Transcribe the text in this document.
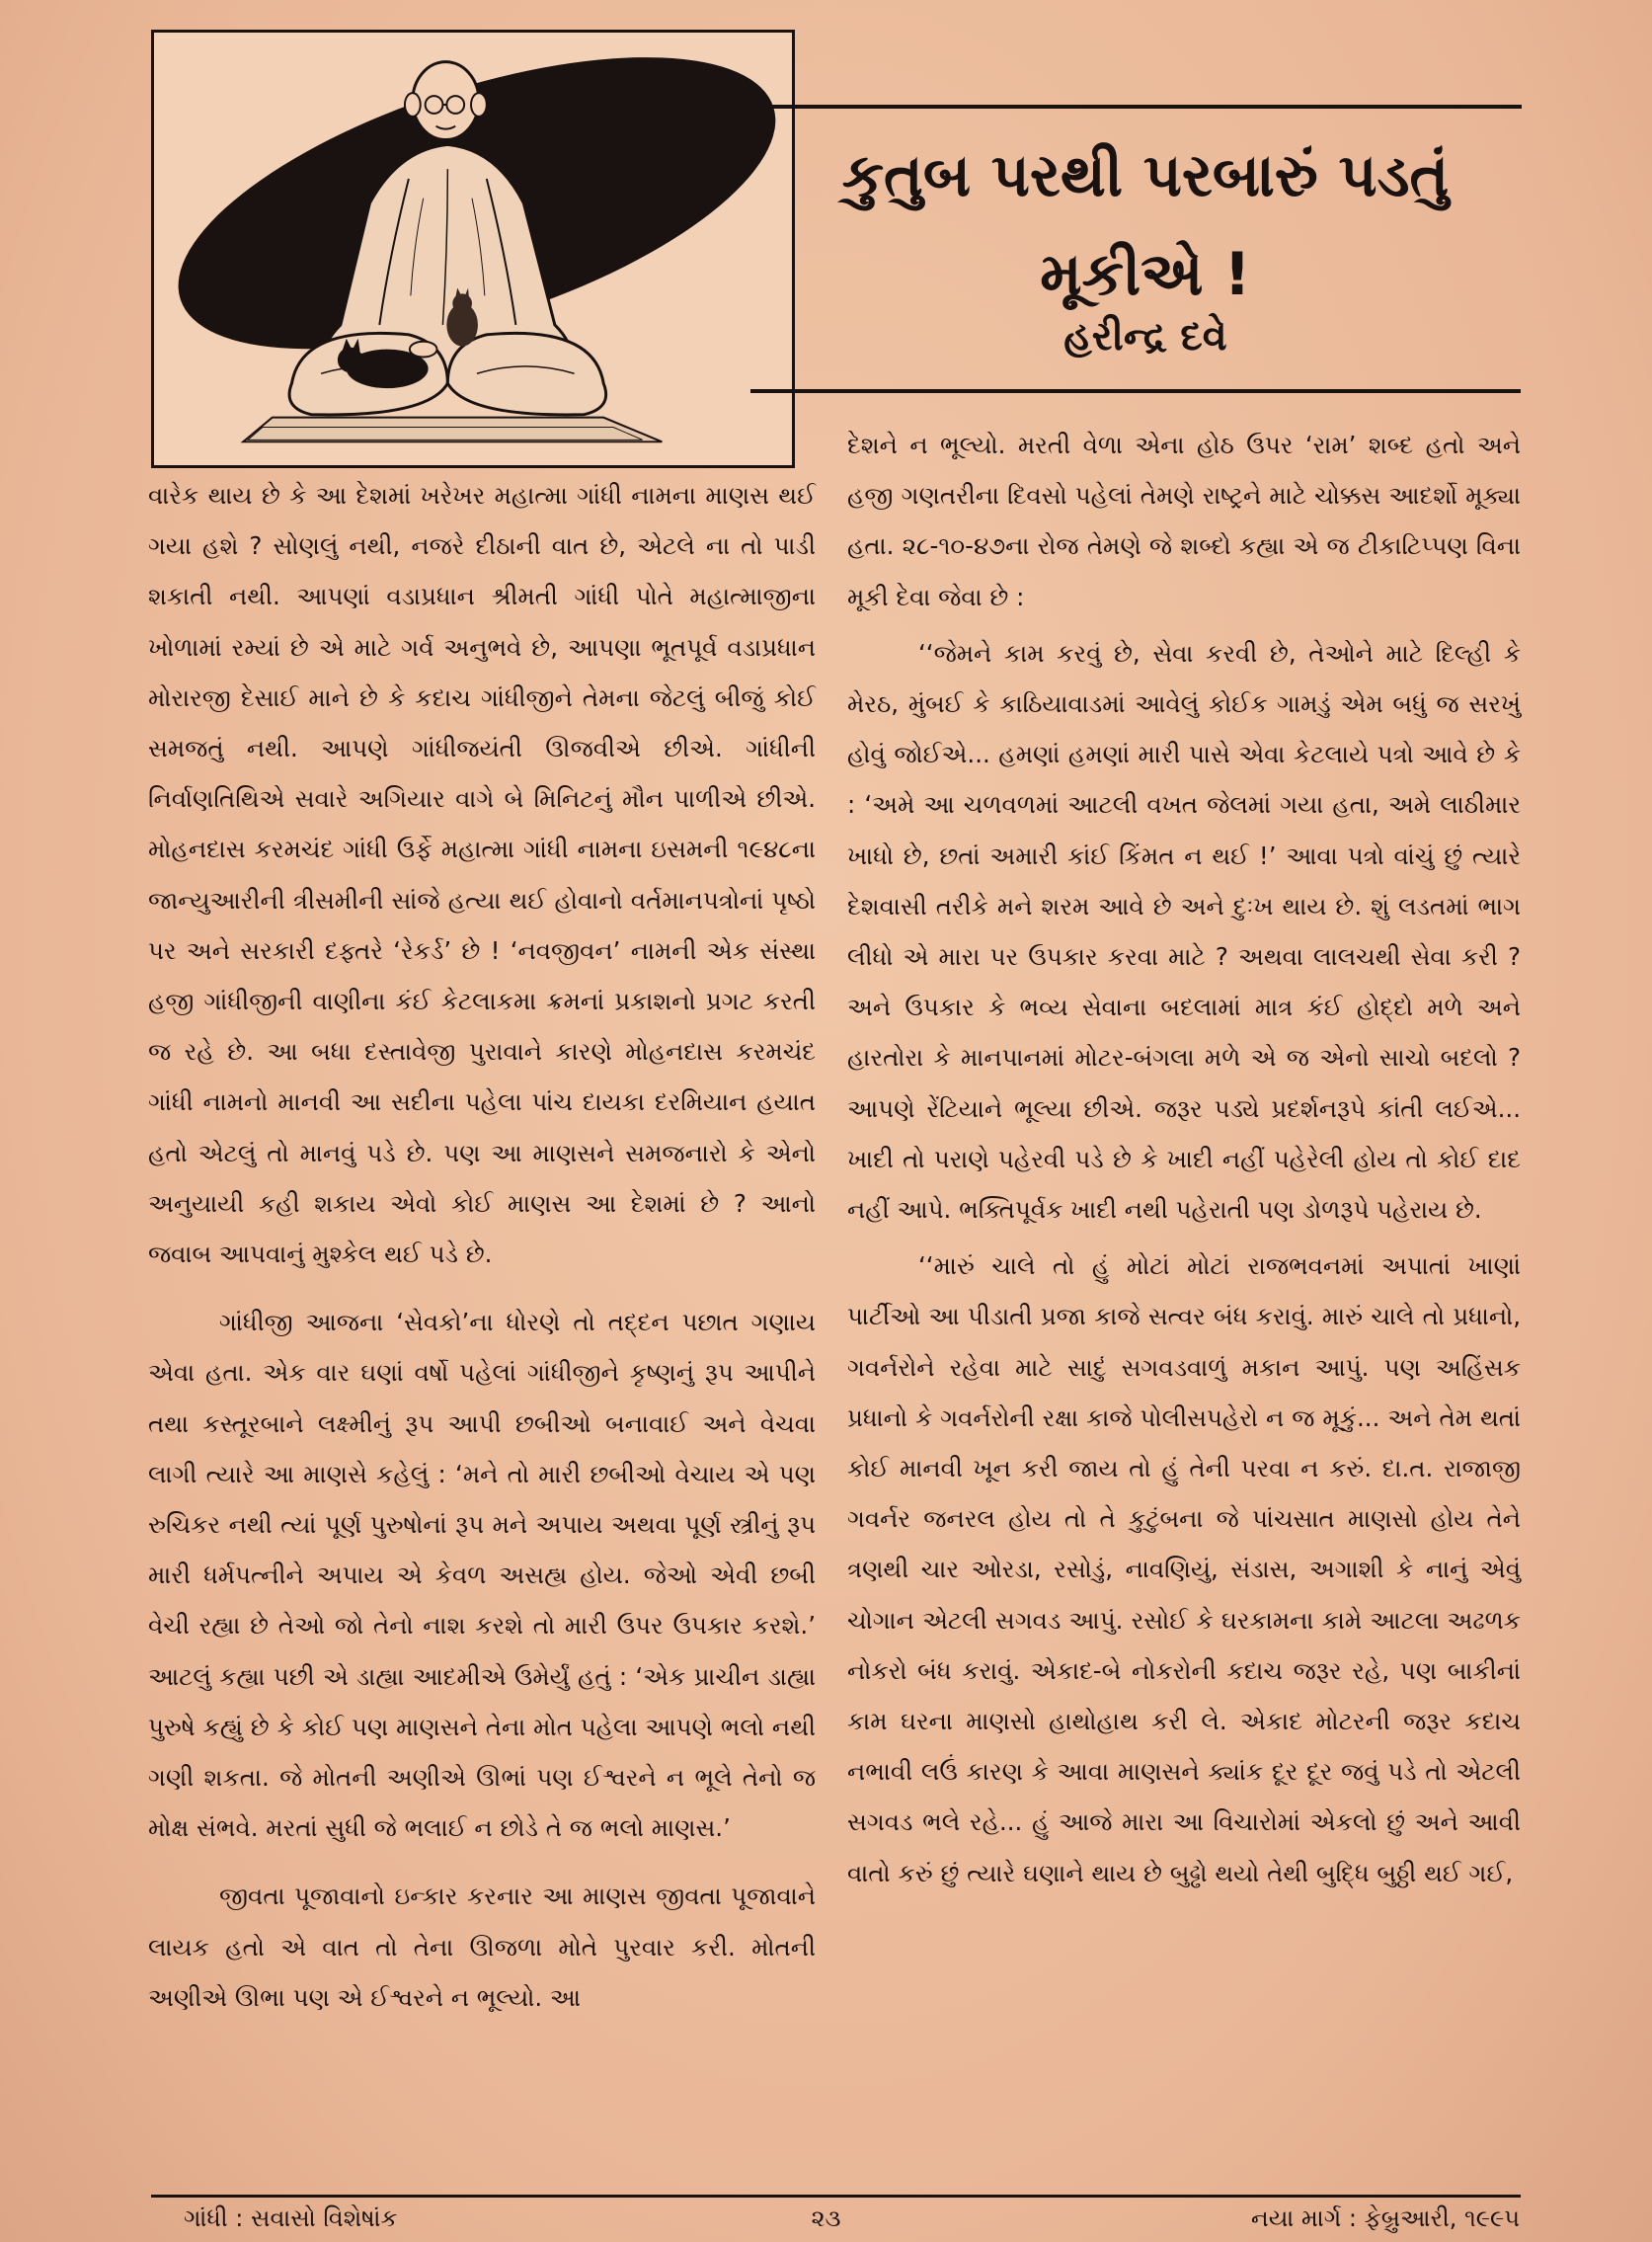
કુતુબ પરથી પરબારું પડતું મૂકીએ !
હરીન્દ્ર દવે

વારેક થાય છે કે આ દેશમાં ખરેખર મહાત્મા ગાંધી નામના માણસ થઈ ગયા હશે ? સોણલું નથી, નજરે દીઠાની વાત છે, એટલે ના તો પાડી શકાતી નથી. આપણાં વડાપ્રધાન શ્રીમતી ગાંધી પોતે મહાત્માજીના ખોળામાં રમ્યાં છે એ માટે ગર્વ અનુભવે છે, આપણા ભૂતપૂર્વ વડાપ્રધાન મોરારજી દેસાઈ માને છે કે કદાચ ગાંધીજીને તેમના જેટલું બીજું કોઈ સમજતું નથી. આપણે ગાંધીજયંતી ઊજવીએ છીએ. ગાંધીની નિર્વાણતિથિએ સવારે અગિયાર વાગે બે મિનિટનું મૌન પાળીએ છીએ. મોહનદાસ કરમચંદ ગાંધી ઉર્ફે મહાત્મા ગાંધી નામના ઇસમની ૧૯૪૮ના જાન્યુઆરીની ત્રીસમીની સાંજે હત્યા થઈ હોવાનો વર્તમાનપત્રોનાં પૃષ્ઠો પર અને સરકારી દફ્તરે ‘રેકર્ડ’ છે ! ‘નવજીવન’ નામની એક સંસ્થા હજી ગાંધીજીની વાણીના કંઈ કેટલાકમા ક્રમનાં પ્રકાશનો પ્રગટ કરતી જ રહે છે. આ બધા દસ્તાવેજી પુરાવાને કારણે મોહનદાસ કરમચંદ ગાંધી નામનો માનવી આ સદીના પહેલા પાંચ દાયકા દરમિયાન હયાત હતો એટલું તો માનવું પડે છે. પણ આ માણસને સમજનારો કે એનો અનુયાયી કહી શકાય એવો કોઈ માણસ આ દેશમાં છે ? આનો જવાબ આપવાનું મુશ્કેલ થઈ પડે છે.

ગાંધીજી આજના ‘સેવકો’ના ધોરણે તો તદ્દન પછાત ગણાય એવા હતા. એક વાર ઘણાં વર્ષો પહેલાં ગાંધીજીને કૃષ્ણનું રૂપ આપીને તથા કસ્તૂરબાને લક્ષ્મીનું રૂપ આપી છબીઓ બનાવાઈ અને વેચવા લાગી ત્યારે આ માણસે કહેલું : ‘મને તો મારી છબીઓ વેચાય એ પણ રુચિકર નથી ત્યાં પૂર્ણ પુરુષોનાં રૂપ મને અપાય અથવા પૂર્ણ સ્ત્રીનું રૂપ મારી ધર્મપત્નીને અપાય એ કેવળ અસહ્ય હોય. જેઓ એવી છબી વેચી રહ્યા છે તેઓ જો તેનો નાશ કરશે તો મારી ઉપર ઉપકાર કરશે.’ આટલું કહ્યા પછી એ ડાહ્યા આદમીએ ઉમેર્યું હતું : ‘એક પ્રાચીન ડાહ્યા પુરુષે કહ્યું છે કે કોઈ પણ માણસને તેના મોત પહેલા આપણે ભલો નથી ગણી શકતા. જે મોતની અણીએ ઊભાં પણ ઈશ્વરને ન ભૂલે તેનો જ મોક્ષ સંભવે. મરતાં સુધી જે ભલાઈ ન છોડે તે જ ભલો માણસ.’

જીવતા પૂજાવાનો ઇન્કાર કરનાર આ માણસ જીવતા પૂજાવાને લાયક હતો એ વાત તો તેના ઊજળા મોતે પુરવાર કરી. મોતની અણીએ ઊભા પણ એ ઈશ્વરને ન ભૂલ્યો. આ

દેશને ન ભૂલ્યો. મરતી વેળા એના હોઠ ઉપર ‘રામ’ શબ્દ હતો અને હજી ગણતરીના દિવસો પહેલાં તેમણે રાષ્ટ્રને માટે ચોક્કસ આદર્શો મૂક્યા હતા. ૨૮-૧૦-૪૭ના રોજ તેમણે જે શબ્દો કહ્યા એ જ ટીકાટિપ્પણ વિના મૂકી દેવા જેવા છે :

‘‘જેમને કામ કરવું છે, સેવા કરવી છે, તેઓને માટે દિલ્હી કે મેરઠ, મુંબઈ કે કાઠિયાવાડમાં આવેલું કોઈક ગામડું એમ બધું જ સરખું હોવું જોઈએ... હમણાં હમણાં મારી પાસે એવા કેટલાયે પત્રો આવે છે કે : ‘અમે આ ચળવળમાં આટલી વખત જેલમાં ગયા હતા, અમે લાઠીમાર ખાધો છે, છતાં અમારી કાંઈ કિંમત ન થઈ !’ આવા પત્રો વાંચું છું ત્યારે દેશવાસી તરીકે મને શરમ આવે છે અને દુઃખ થાય છે. શું લડતમાં ભાગ લીધો એ મારા પર ઉપકાર કરવા માટે ? અથવા લાલચથી સેવા કરી ? અને ઉપકાર કે ભવ્ય સેવાના બદલામાં માત્ર કંઈ હોદ્દો મળે અને હારતોરા કે માનપાનમાં મોટર-બંગલા મળે એ જ એનો સાચો બદલો ? આપણે રેંટિયાને ભૂલ્યા છીએ. જરૂર પડ્યે પ્રદર્શનરૂપે કાંતી લઈએ... ખાદી તો પરાણે પહેરવી પડે છે કે ખાદી નહીં પહેરેલી હોય તો કોઈ દાદ નહીં આપે. ભક્તિપૂર્વક ખાદી નથી પહેરાતી પણ ડોળરૂપે પહેરાય છે.

‘‘મારું ચાલે તો હું મોટાં મોટાં રાજભવનમાં અપાતાં ખાણાં પાર્ટીઓ આ પીડાતી પ્રજા કાજે સત્વર બંધ કરાવું. મારું ચાલે તો પ્રધાનો, ગવર્નરોને રહેવા માટે સાદું સગવડવાળું મકાન આપું. પણ અહિંસક પ્રધાનો કે ગવર્નરોની રક્ષા કાજે પોલીસપહેરો ન જ મૂકું... અને તેમ થતાં કોઈ માનવી ખૂન કરી જાય તો હું તેની પરવા ન કરું. દા.ત. રાજાજી ગવર્નર જનરલ હોય તો તે કુટુંબના જે પાંચસાત માણસો હોય તેને ત્રણથી ચાર ઓરડા, રસોડું, નાવણિયું, સંડાસ, અગાશી કે નાનું એવું ચોગાન એટલી સગવડ આપું. રસોઈ કે ઘરકામના કામે આટલા અઢળક નોકરો બંધ કરાવું. એકાદ-બે નોકરોની કદાચ જરૂર રહે, પણ બાકીનાં કામ ઘરના માણસો હાથોહાથ કરી લે. એકાદ મોટરની જરૂર કદાચ નભાવી લઉં કારણ કે આવા માણસને ક્યાંક દૂર દૂર જવું પડે તો એટલી સગવડ ભલે રહે... હું આજે મારા આ વિચારોમાં એકલો છું અને આવી વાતો કરું છું ત્યારે ઘણાને થાય છે બુઢ્ઢો થયો તેથી બુદ્ધિ બુઠ્ઠી થઈ ગઈ,

ગાંધી : સવાસો વિશેષાંક	૨૩	નયા માર્ગ : ફેબ્રુઆરી, ૧૯૯૫
